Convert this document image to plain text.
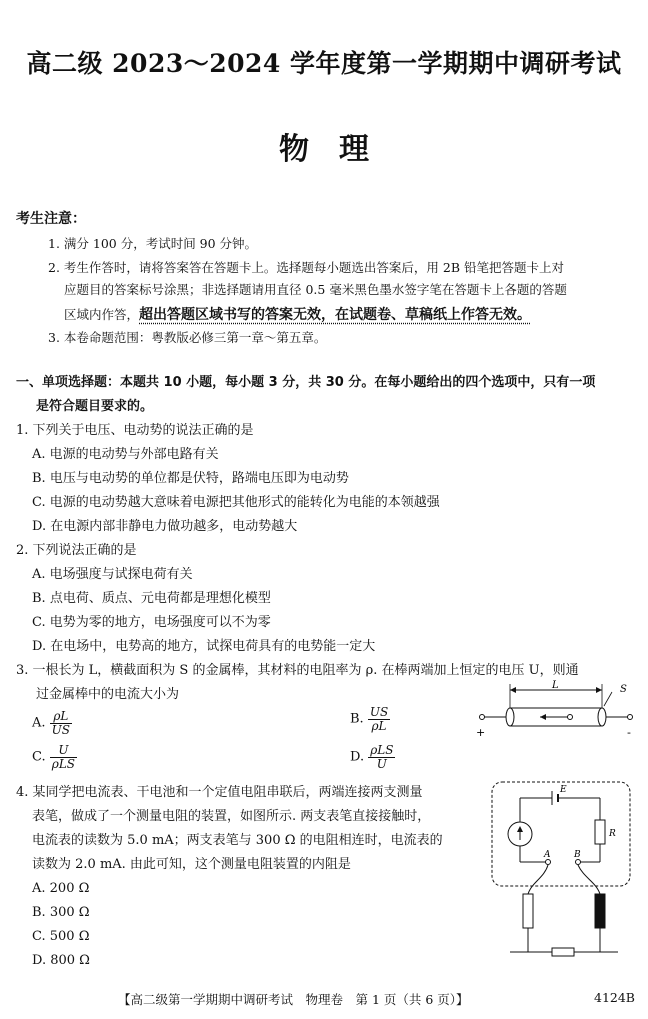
高二级 2023～2024 学年度第一学期期中调研考试
物理
考生注意：
1. 满分 100 分，考试时间 90 分钟。
2. 考生作答时，请将答案答在答题卡上。选择题每小题选出答案后，用 2B 铅笔把答题卡上对
应题目的答案标号涂黑；非选择题请用直径 0.5 毫米黑色墨水签字笔在答题卡上各题的答题
区域内作答，超出答题区域书写的答案无效，在试题卷、草稿纸上作答无效。
3. 本卷命题范围：粤教版必修三第一章～第五章。
一、单项选择题：本题共 10 小题，每小题 3 分，共 30 分。在每小题给出的四个选项中，只有一项
是符合题目要求的。
1. 下列关于电压、电动势的说法正确的是
A. 电源的电动势与外部电路有关
B. 电压与电动势的单位都是伏特，路端电压即为电动势
C. 电源的电动势越大意味着电源把其他形式的能转化为电能的本领越强
D. 在电源内部非静电力做功越多，电动势越大
2. 下列说法正确的是
A. 电场强度与试探电荷有关
B. 点电荷、质点、元电荷都是理想化模型
C. 电势为零的地方，电场强度可以不为零
D. 在电场中，电势高的地方，试探电荷具有的电势能一定大
3. 一根长为 L，横截面积为 S 的金属棒，其材料的电阻率为 ρ. 在棒两端加上恒定的电压 U，则通
过金属棒中的电流大小为
A. $\frac{\rho L}{US}$	B. $\frac{US}{\rho L}$
C. $\frac{U}{\text{ρLS}}$	D. $\frac{\text{ρLS}}{U}$
L	S
+	-
4. 某同学把电流表、干电池和一个定值电阻串联后，两端连接两支测量
表笔，做成了一个测量电阻的装置，如图所示. 两支表笔直接接触时，
电流表的读数为 5.0 mA；两支表笔与 300 Ω 的电阻相连时，电流表的
读数为 2.0 mA. 由此可知，这个测量电阻装置的内阻是
A. 200 Ω
B. 300 Ω
C. 500 Ω
D. 800 Ω
E
A
R
B
【高二级第一学期期中调研考试　物理卷　第 1 页（共 6 页）】	4124B
